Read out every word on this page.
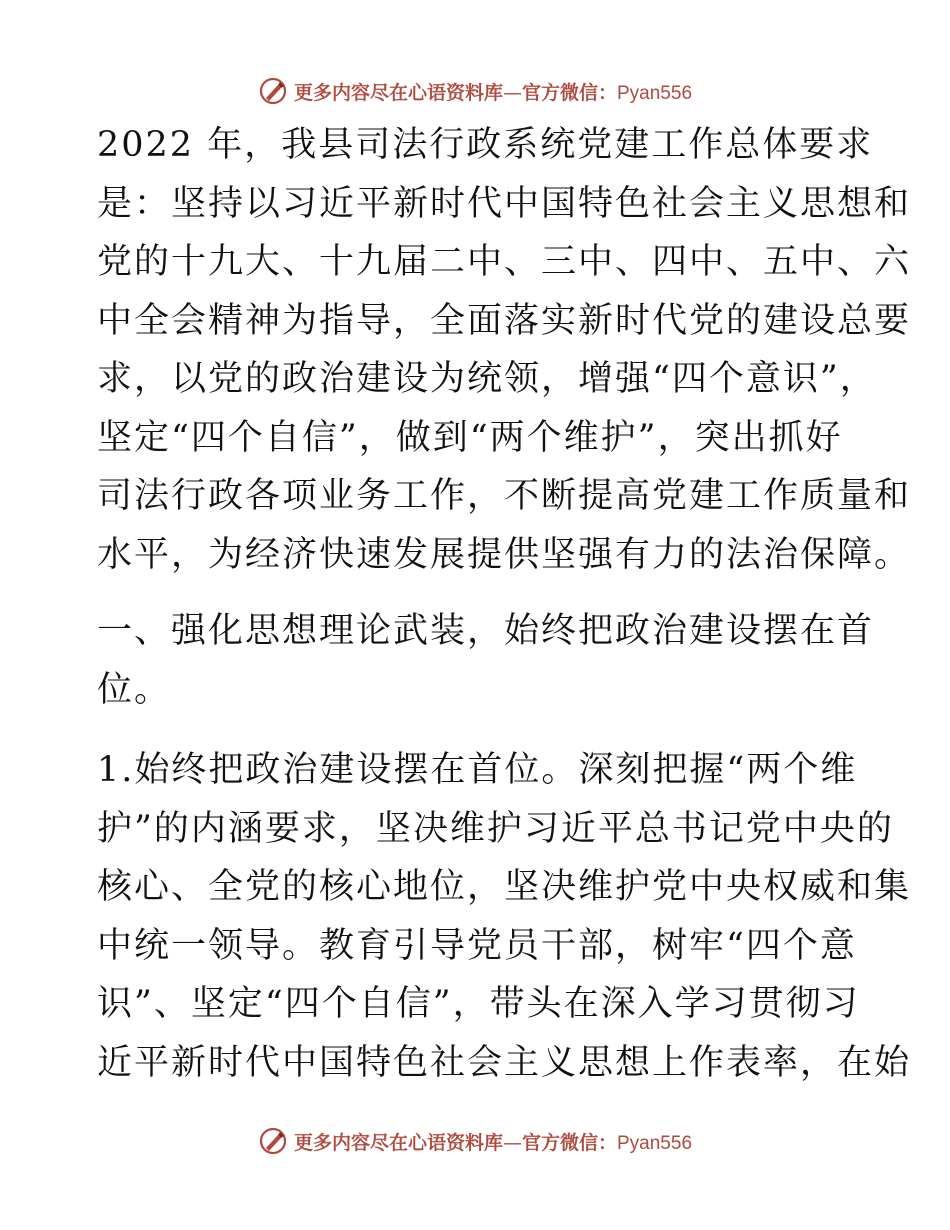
更多内容尽在心语资料库—官方微信：Pyan556
2022 年，我县司法行政系统党建工作总体要求
是：坚持以习近平新时代中国特色社会主义思想和
党的十九大、十九届二中、三中、四中、五中、六
中全会精神为指导，全面落实新时代党的建设总要
求，以党的政治建设为统领，增强“四个意识”，
坚定“四个自信”，做到“两个维护”，突出抓好
司法行政各项业务工作，不断提高党建工作质量和
水平，为经济快速发展提供坚强有力的法治保障。
一、强化思想理论武装，始终把政治建设摆在首
位。
1.始终把政治建设摆在首位。深刻把握“两个维
护”的内涵要求，坚决维护习近平总书记党中央的
核心、全党的核心地位，坚决维护党中央权威和集
中统一领导。教育引导党员干部，树牢“四个意
识”、坚定“四个自信”，带头在深入学习贯彻习
近平新时代中国特色社会主义思想上作表率，在始
更多内容尽在心语资料库—官方微信：Pyan556
